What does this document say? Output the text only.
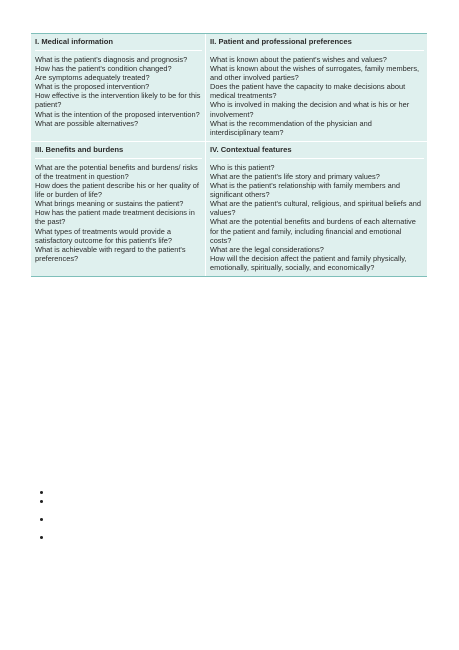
I. Medical information
What is the patient's diagnosis and prognosis?
How has the patient's condition changed?
Are symptoms adequately treated?
What is the proposed intervention?
How effective is the intervention likely to be for this patient?
What is the intention of the proposed intervention?
What are possible alternatives?
II. Patient and professional preferences
What is known about the patient's wishes and values?
What is known about the wishes of surrogates, family members, and other involved parties?
Does the patient have the capacity to make decisions about medical treatments?
Who is involved in making the decision and what is his or her involvement?
What is the recommendation of the physician and interdisciplinary team?
III. Benefits and burdens
What are the potential benefits and burdens/ risks of the treatment in question?
How does the patient describe his or her quality of life or burden of life?
What brings meaning or sustains the patient?
How has the patient made treatment decisions in the past?
What types of treatments would provide a satisfactory outcome for this patient's life?
What is achievable with regard to the patient's preferences?
IV. Contextual features
Who is this patient?
What are the patient's life story and primary values?
What is the patient's relationship with family members and significant others?
What are the patient's cultural, religious, and spiritual beliefs and values?
What are the potential benefits and burdens of each alternative for the patient and family, including financial and emotional costs?
What are the legal considerations?
How will the decision affect the patient and family physically, emotionally, spiritually, socially, and economically?
